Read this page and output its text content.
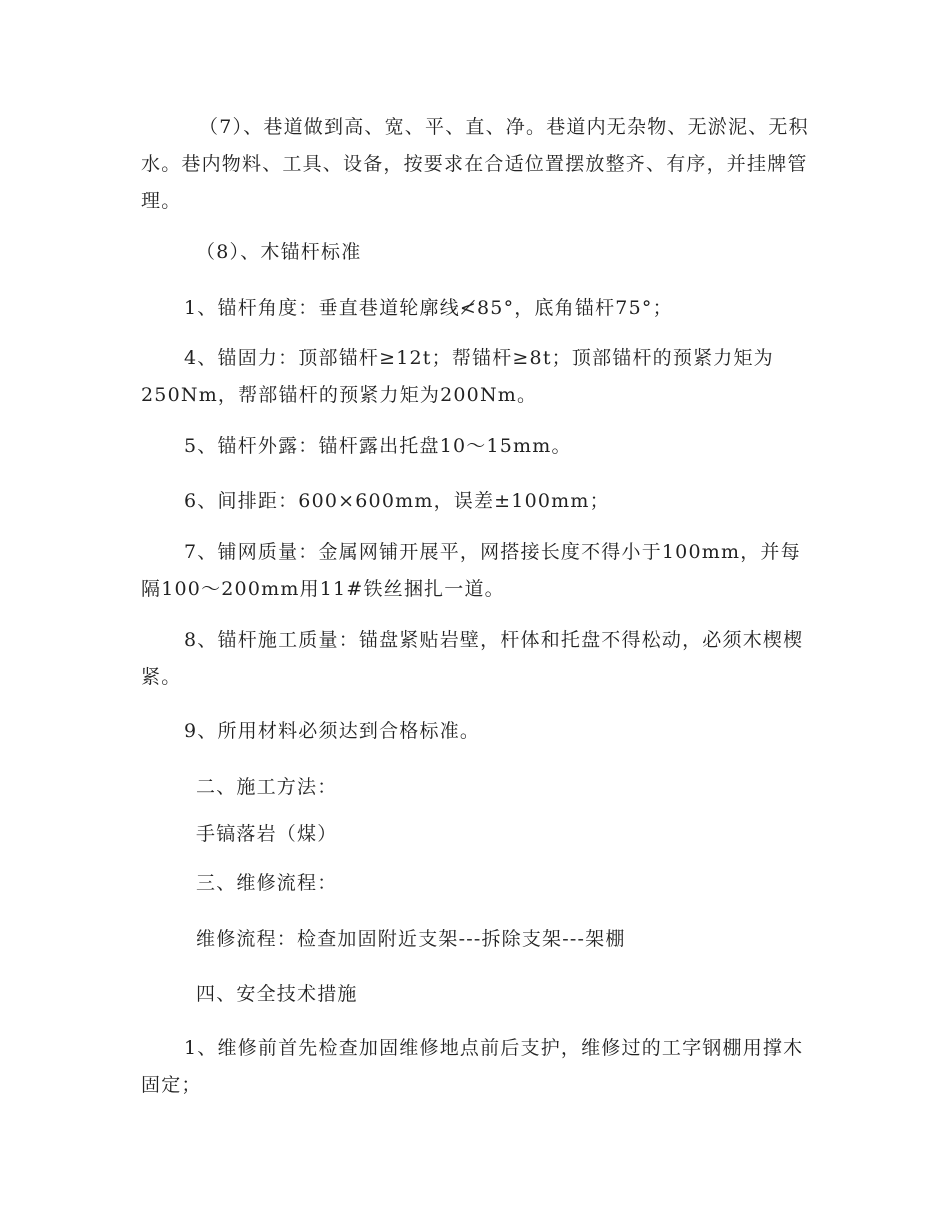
（7）、巷道做到高、宽、平、直、净。巷道内无杂物、无淤泥、无积水。巷内物料、工具、设备，按要求在合适位置摆放整齐、有序，并挂牌管理。

（8）、木锚杆标准

1、锚杆角度：垂直巷道轮廓线≮85°，底角锚杆75°；

4、锚固力：顶部锚杆≥12t；帮锚杆≥8t；顶部锚杆的预紧力矩为250Nm，帮部锚杆的预紧力矩为200Nm。

5、锚杆外露：锚杆露出托盘10～15mm。

6、间排距：600×600mm，误差±100mm；

7、铺网质量：金属网铺开展平，网搭接长度不得小于100mm，并每隔100～200mm用11#铁丝捆扎一道。

8、锚杆施工质量：锚盘紧贴岩壁，杆体和托盘不得松动，必须木楔楔紧。

9、所用材料必须达到合格标准。

二、施工方法：

手镐落岩（煤）

三、维修流程：

维修流程：检查加固附近支架---拆除支架---架棚

四、安全技术措施

1、维修前首先检查加固维修地点前后支护，维修过的工字钢棚用撑木固定；
